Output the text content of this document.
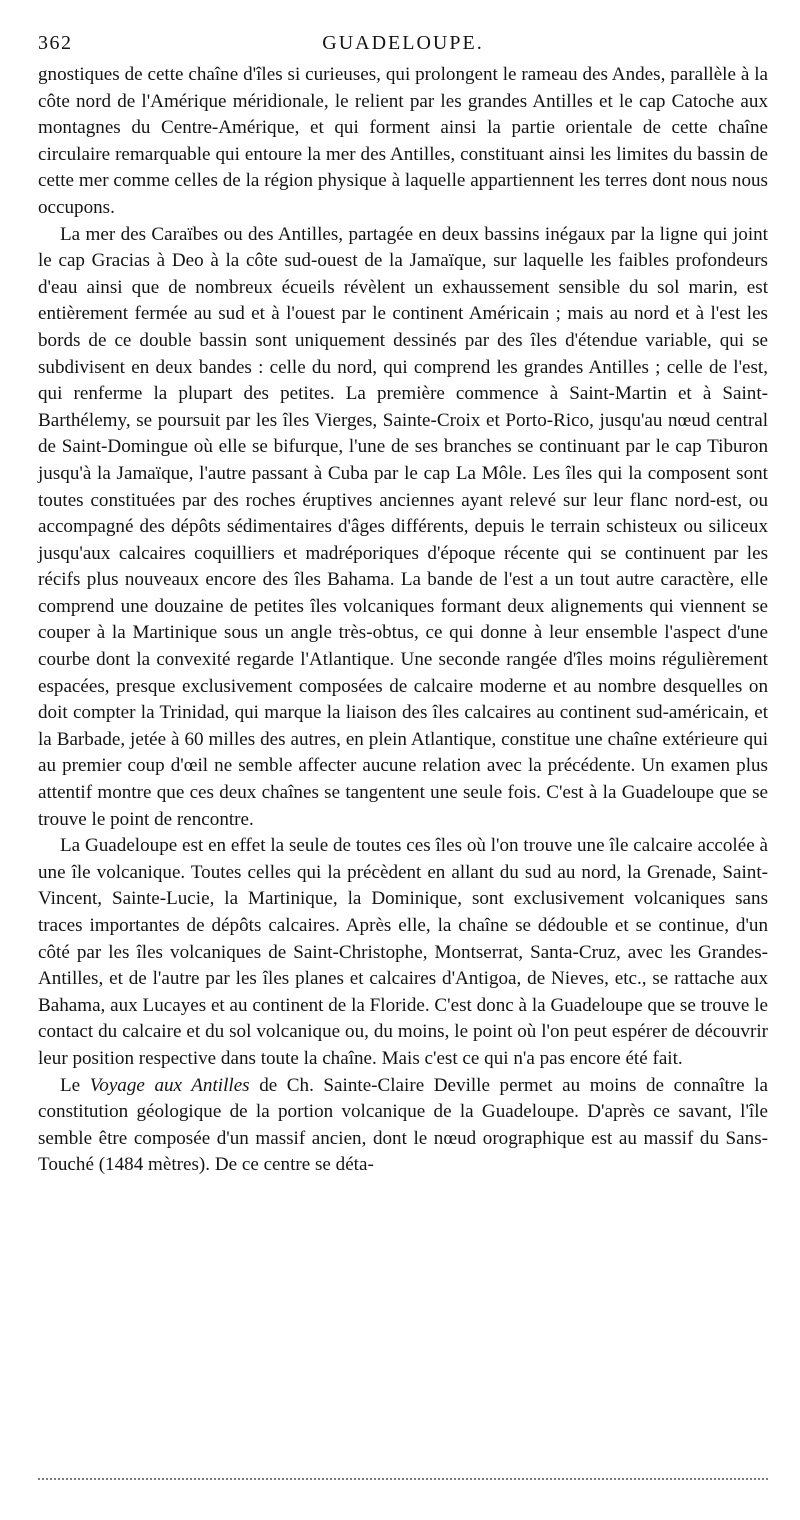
362	GUADELOUPE.

gnostiques de cette chaîne d'îles si curieuses, qui prolongent le rameau des Andes, parallèle à la côte nord de l'Amérique méridionale, le relient par les grandes Antilles et le cap Catoche aux montagnes du Centre-Amérique, et qui forment ainsi la partie orientale de cette chaîne circulaire remarquable qui entoure la mer des Antilles, constituant ainsi les limites du bassin de cette mer comme celles de la région physique à laquelle appartiennent les terres dont nous nous occupons.

La mer des Caraïbes ou des Antilles, partagée en deux bassins inégaux par la ligne qui joint le cap Gracias à Deo à la côte sud-ouest de la Jamaïque, sur laquelle les faibles profondeurs d'eau ainsi que de nombreux écueils révèlent un exhaussement sensible du sol marin, est entièrement fermée au sud et à l'ouest par le continent Américain ; mais au nord et à l'est les bords de ce double bassin sont uniquement dessinés par des îles d'étendue variable, qui se subdivisent en deux bandes : celle du nord, qui comprend les grandes Antilles ; celle de l'est, qui renferme la plupart des petites. La première commence à Saint-Martin et à Saint-Barthélemy, se poursuit par les îles Vierges, Sainte-Croix et Porto-Rico, jusqu'au nœud central de Saint-Domingue où elle se bifurque, l'une de ses branches se continuant par le cap Tiburon jusqu'à la Jamaïque, l'autre passant à Cuba par le cap La Môle. Les îles qui la composent sont toutes constituées par des roches éruptives anciennes ayant relevé sur leur flanc nord-est, ou accompagné des dépôts sédimentaires d'âges différents, depuis le terrain schisteux ou siliceux jusqu'aux calcaires coquilliers et madréporiques d'époque récente qui se continuent par les récifs plus nouveaux encore des îles Bahama. La bande de l'est a un tout autre caractère, elle comprend une douzaine de petites îles volcaniques formant deux alignements qui viennent se couper à la Martinique sous un angle très-obtus, ce qui donne à leur ensemble l'aspect d'une courbe dont la convexité regarde l'Atlantique. Une seconde rangée d'îles moins régulièrement espacées, presque exclusivement composées de calcaire moderne et au nombre desquelles on doit compter la Trinidad, qui marque la liaison des îles calcaires au continent sud-américain, et la Barbade, jetée à 60 milles des autres, en plein Atlantique, constitue une chaîne extérieure qui au premier coup d'œil ne semble affecter aucune relation avec la précédente. Un examen plus attentif montre que ces deux chaînes se tangentent une seule fois. C'est à la Guadeloupe que se trouve le point de rencontre.

La Guadeloupe est en effet la seule de toutes ces îles où l'on trouve une île calcaire accolée à une île volcanique. Toutes celles qui la précèdent en allant du sud au nord, la Grenade, Saint-Vincent, Sainte-Lucie, la Martinique, la Dominique, sont exclusivement volcaniques sans traces importantes de dépôts calcaires. Après elle, la chaîne se dédouble et se continue, d'un côté par les îles volcaniques de Saint-Christophe, Montserrat, Santa-Cruz, avec les Grandes-Antilles, et de l'autre par les îles planes et calcaires d'Antigoa, de Nieves, etc., se rattache aux Bahama, aux Lucayes et au continent de la Floride. C'est donc à la Guadeloupe que se trouve le contact du calcaire et du sol volcanique ou, du moins, le point où l'on peut espérer de découvrir leur position respective dans toute la chaîne. Mais c'est ce qui n'a pas encore été fait.

Le Voyage aux Antilles de Ch. Sainte-Claire Deville permet au moins de connaître la constitution géologique de la portion volcanique de la Guadeloupe. D'après ce savant, l'île semble être composée d'un massif ancien, dont le nœud orographique est au massif du Sans-Touché (1484 mètres). De ce centre se déta-
